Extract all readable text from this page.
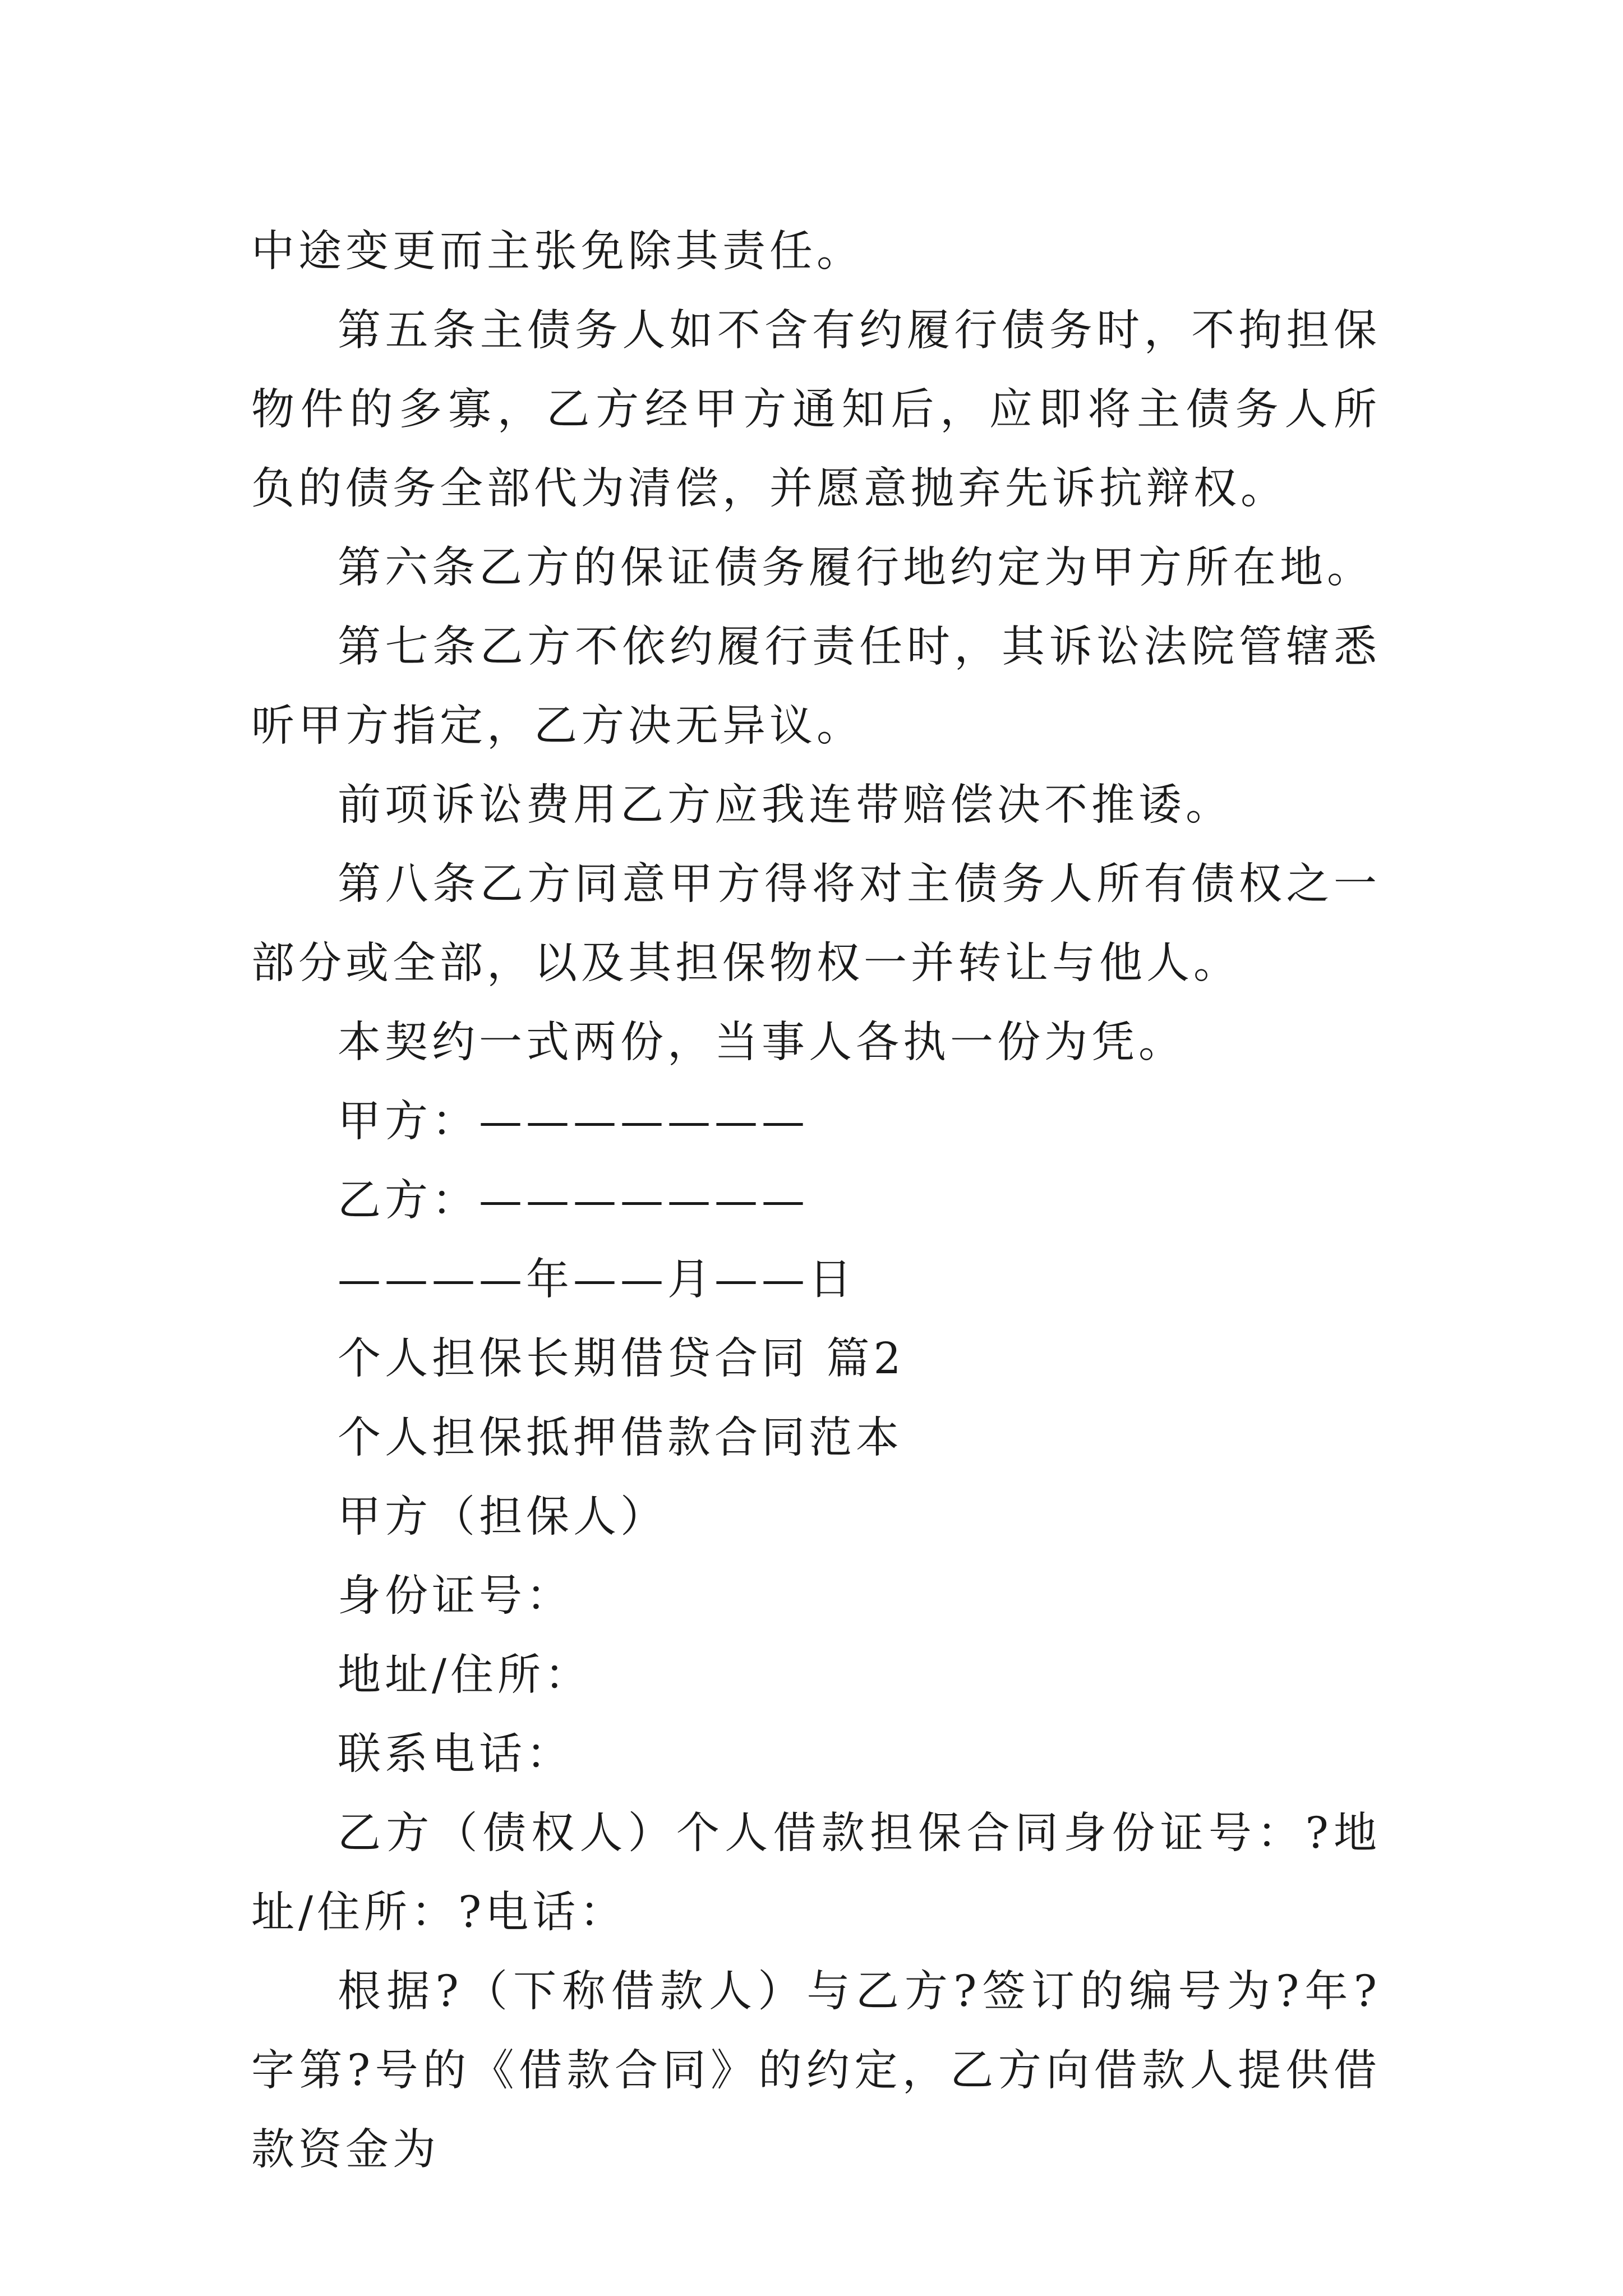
中途变更而主张免除其责任。

第五条主债务人如不含有约履行债务时，不拘担保物件的多寡，乙方经甲方通知后，应即将主债务人所负的债务全部代为清偿，并愿意抛弃先诉抗辩权。

第六条乙方的保证债务履行地约定为甲方所在地。

第七条乙方不依约履行责任时，其诉讼法院管辖悉听甲方指定，乙方决无异议。

前项诉讼费用乙方应我连带赔偿决不推诿。

第八条乙方同意甲方得将对主债务人所有债权之一部分或全部，以及其担保物权一并转让与他人。

本契约一式两份，当事人各执一份为凭。

甲方：———————

乙方：———————

————年——月——日

个人担保长期借贷合同 篇2

个人担保抵押借款合同范本

甲方（担保人）

身份证号：

地址/住所：

联系电话：

乙方（债权人）个人借款担保合同身份证号：?地址/住所：?电话：

根据?（下称借款人）与乙方?签订的编号为?年?字第?号的《借款合同》的约定，乙方向借款人提供借款资金为
